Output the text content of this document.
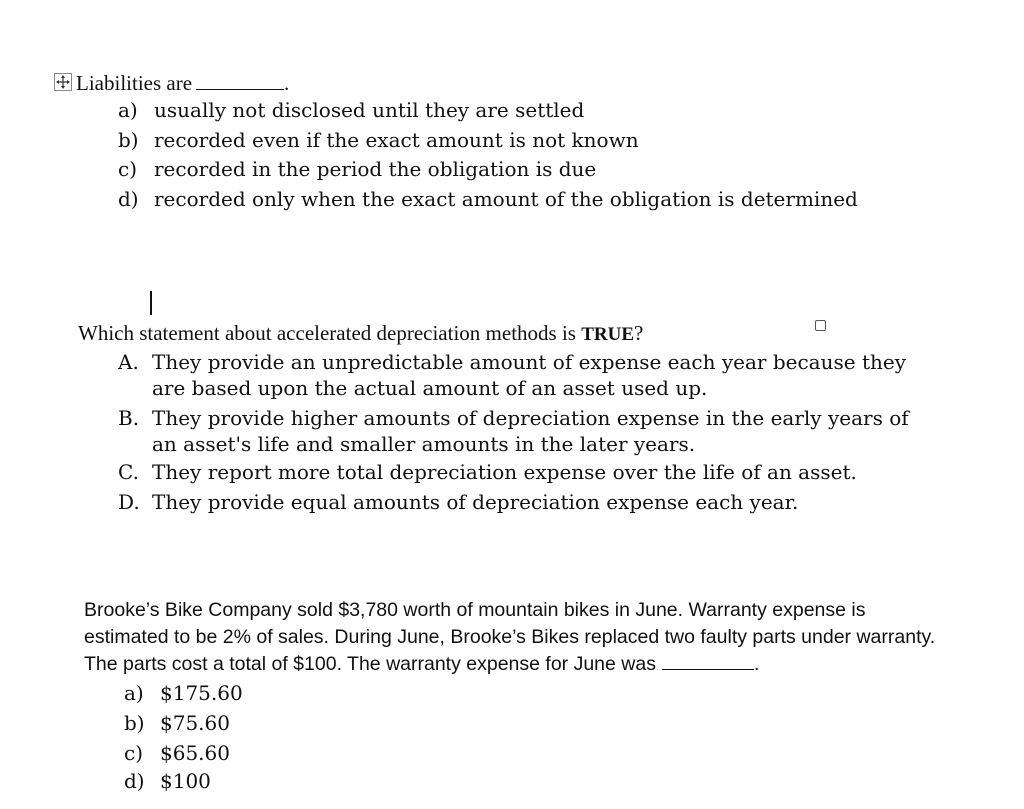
Liabilities are	.
a) usually not disclosed until they are settled
b) recorded even if the exact amount is not known
c) recorded in the period the obligation is due
d) recorded only when the exact amount of the obligation is determined
Which statement about accelerated depreciation methods is TRUE?
A. They provide an unpredictable amount of expense each year because they are based upon the actual amount of an asset used up.
B. They provide higher amounts of depreciation expense in the early years of an asset's life and smaller amounts in the later years.
C. They report more total depreciation expense over the life of an asset.
D. They provide equal amounts of depreciation expense each year.
Brooke’s Bike Company sold $3,780 worth of mountain bikes in June. Warranty expense is estimated to be 2% of sales. During June, Brooke’s Bikes replaced two faulty parts under warranty. The parts cost a total of $100. The warranty expense for June was	.
a) $175.60
b) $75.60
c) $65.60
d) $100
